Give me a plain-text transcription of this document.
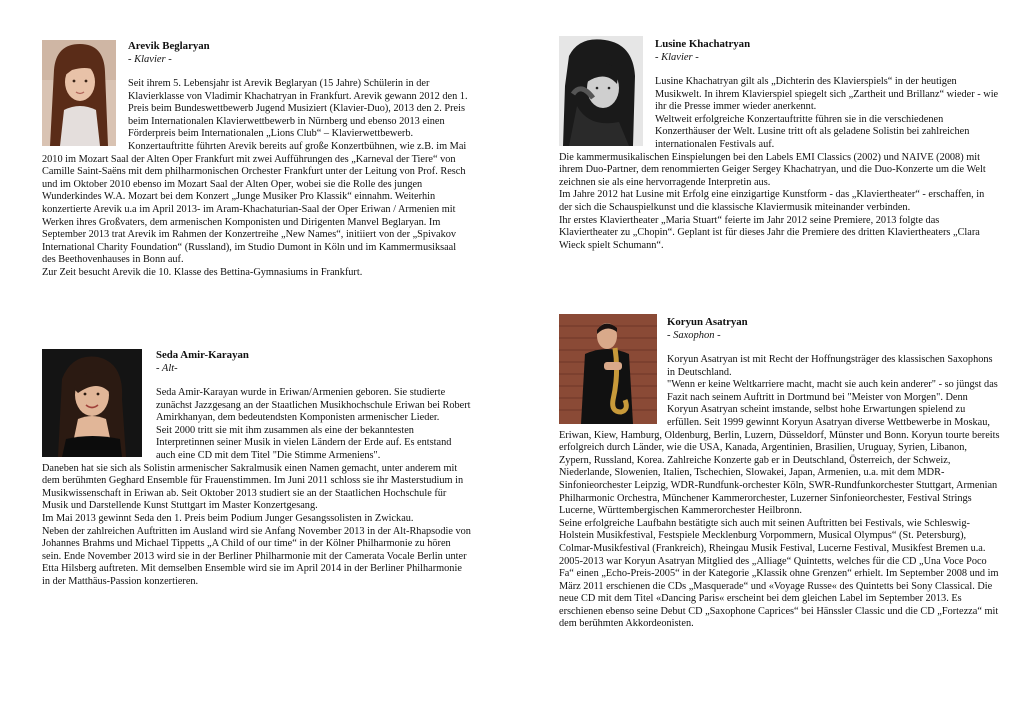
Arevik Beglaryan
- Klavier -

Seit ihrem 5. Lebensjahr ist Arevik Beglaryan (15 Jahre) Schülerin in der Klavierklasse von Vladimir Khachatryan in Frankfurt. Arevik gewann 2012 den 1. Preis beim Bundeswettbewerb Jugend Musiziert (Klavier-Duo), 2013 den 2. Preis beim Internationalen Klavierwettbewerb in Nürnberg und ebenso 2013 einen Förderpreis beim Internationalen „Lions Club“ – Klavierwettbewerb. Konzertauftritte führten Arevik bereits auf große Konzertbühnen, wie z.B. im Mai 2010 im Mozart Saal der Alten Oper Frankfurt mit zwei Aufführungen des „Karneval der Tiere“ von Camille Saint-Saëns mit dem philharmonischen Orchester Frankfurt unter der Leitung von Prof. Resch und im Oktober 2010 ebenso im Mozart Saal der Alten Oper, wobei sie die Rolle des jungen Wunderkindes W.A. Mozart bei dem Konzert „Junge Musiker Pro Klassik“ einnahm. Weiterhin konzertierte Arevik u.a im April 2013- im Aram-Khachaturian-Saal der Oper Eriwan / Armenien mit Werken ihres Großvaters, dem armenischen Komponisten und Dirigenten Manvel Beglaryan. Im September 2013 trat Arevik im Rahmen der Konzertreihe „New Names“, initiiert von der „Spivakov International Charity Foundation“ (Russland), im Studio Dumont in Köln und im Kammermusiksaal des Beethovenhauses in Bonn auf.

Zur Zeit besucht Arevik die 10. Klasse des Bettina-Gymnasiums in Frankfurt.

Lusine Khachatryan
- Klavier -

Lusine Khachatryan gilt als „Dichterin des Klavierspiels“ in der heutigen Musikwelt. In ihrem Klavierspiel spiegelt sich „Zartheit und Brillanz“ wieder - wie ihr die Presse immer wieder anerkennt.

Weltweit erfolgreiche Konzertauftritte führen sie in die verschiedenen Konzerthäuser der Welt. Lusine tritt oft als geladene Solistin bei zahlreichen internationalen Festivals auf.

Die kammermusikalischen Einspielungen bei den Labels EMI Classics (2002) und NAIVE (2008) mit ihrem Duo-Partner, dem renommierten Geiger Sergey Khachatryan, und die Duo-Konzerte um die Welt zeichnen sie als eine hervorragende Interpretin aus.

Im Jahre 2012 hat Lusine mit Erfolg eine einzigartige Kunstform - das „Klaviertheater“ - erschaffen, in der sich die Schauspielkunst und die klassische Klaviermusik miteinander verbinden.

Ihr erstes Klaviertheater „Maria Stuart“ feierte im Jahr 2012 seine Premiere, 2013 folgte das Klaviertheater zu „Chopin“. Geplant ist für dieses Jahr die Premiere des dritten Klaviertheaters „Clara Wieck spielt Schumann“.

Seda Amir-Karayan
- Alt-

Seda Amir-Karayan wurde in Eriwan/Armenien geboren. Sie studierte zunächst Jazzgesang an der Staatlichen Musikhochschule Eriwan bei Robert Amirkhanyan, dem bedeutendsten Komponisten armenischer Lieder.

Seit 2000 tritt sie mit ihm zusammen als eine der bekanntesten Interpretinnen seiner Musik in vielen Ländern der Erde auf. Es entstand auch eine CD mit dem Titel "Die Stimme Armeniens".

Daneben hat sie sich als Solistin armenischer Sakralmusik einen Namen gemacht, unter anderem mit dem berühmten Geghard Ensemble für Frauenstimmen. Im Juni 2011 schloss sie ihr Masterstudium in Musikwissenschaft in Eriwan ab. Seit Oktober 2013 studiert sie an der Staatlichen Hochschule für Musik und Darstellende Kunst Stuttgart im Master Konzertgesang.

Im Mai 2013 gewinnt Seda den 1. Preis beim Podium Junger Gesangssolisten in Zwickau.

Neben der zahlreichen Auftritten im Ausland wird sie Anfang November 2013 in der Alt-Rhapsodie von Johannes Brahms und Michael Tippetts „A Child of our time“ in der Kölner Philharmonie zu hören sein. Ende November 2013 wird sie in der Berliner Philharmonie mit der Camerata Vocale Berlin unter Etta Hilsberg auftreten. Mit demselben Ensemble wird sie im April 2014 in der Berliner Philharmonie in der Matthäus-Passion konzertieren.

Koryun Asatryan
- Saxophon -

Koryun Asatryan ist mit Recht der Hoffnungsträger des klassischen Saxophons in Deutschland.

"Wenn er keine Weltkarriere macht, macht sie auch kein anderer" - so jüngst das Fazit nach seinem Auftritt in Dortmund bei "Meister von Morgen". Denn Koryun Asatryan scheint imstande, selbst hohe Erwartungen spielend zu erfüllen. Seit 1999 gewinnt Koryun Asatryan diverse Wettbewerbe in Moskau, Eriwan, Kiew, Hamburg, Oldenburg, Berlin, Luzern, Düsseldorf, Münster und Bonn. Koryun tourte bereits erfolgreich durch Länder, wie die USA, Kanada, Argentinien, Brasilien, Uruguay, Syrien, Libanon, Zypern, Russland, Korea. Zahlreiche Konzerte gab er in Deutschland, Österreich, der Schweiz, Niederlande, Slowenien, Italien, Tschechien, Slowakei, Japan, Armenien, u.a. mit dem MDR-Sinfonieorchester Leipzig, WDR-Rundfunk-orchester Köln, SWR-Rundfunkorchester Stuttgart, Armenian Philharmonic Orchestra, Münchener Kammerorchester, Luzerner Sinfonieorchester, Festival Strings Lucerne, Württembergischen Kammerorchester Heilbronn.

Seine erfolgreiche Laufbahn bestätigte sich auch mit seinen Auftritten bei Festivals, wie Schleswig-Holstein Musikfestival, Festspiele Mecklenburg Vorpommern, Musical Olympus“ (St. Petersburg), Colmar-Musikfestival (Frankreich), Rheingau Musik Festival, Lucerne Festival, Musikfest Bremen u.a.

2005-2013 war Koryun Asatryan Mitglied des „Alliage“ Quintetts, welches für die CD „Una Voce Poco Fa“ einen „Echo-Preis-2005“ in der Kategorie „Klassik ohne Grenzen“ erhielt. Im September 2008 und im März 2011 erschienen die CDs „Masquerade“ und «Voyage Russe« des Quintetts bei Sony Classical. Die neue CD mit dem Titel «Dancing Paris« erscheint bei dem gleichen Label im September 2013. Es erschienen ebenso seine Debut CD „Saxophone Caprices“ bei Hänssler Classic und die CD „Fortezza“ mit dem berühmten Akkordeonisten.
